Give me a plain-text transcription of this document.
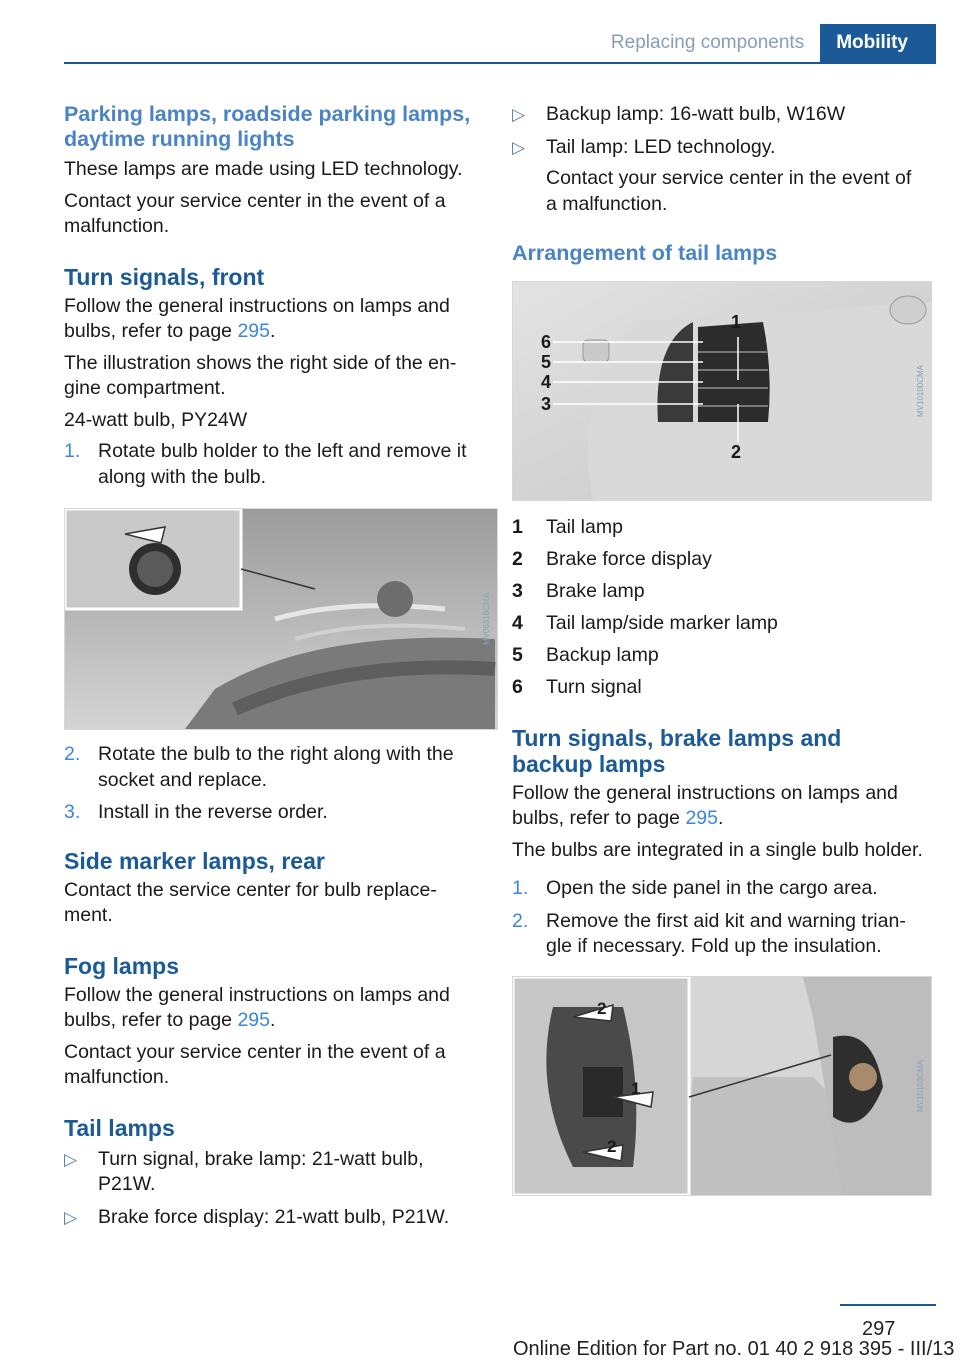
Replacing components	Mobility
Parking lamps, roadside parking lamps, daytime running lights

These lamps are made using LED technology.

Contact your service center in the event of a malfunction.

Turn signals, front

Follow the general instructions on lamps and bulbs, refer to page 295.

The illustration shows the right side of the en‐gine compartment.

24-watt bulb, PY24W

1. Rotate bulb holder to the left and remove it along with the bulb.
MV06316CMA
2. Rotate the bulb to the right along with the socket and replace.
3. Install in the reverse order.
Side marker lamps, rear

Contact the service center for bulb replace‐ment.

Fog lamps

Follow the general instructions on lamps and bulbs, refer to page 295.

Contact your service center in the event of a malfunction.

Tail lamps
▷	Turn signal, brake lamp: 21-watt bulb, P21W.
▷	Brake force display: 21-watt bulb, P21W.
▷	Backup lamp: 16-watt bulb, W16W
▷	Tail lamp: LED technology.

Contact your service center in the event of a malfunction.

Arrangement of tail lamps
6
5
4
3
1
2
MV10100CMA
1	Tail lamp
2	Brake force display
3	Brake lamp
4	Tail lamp/side marker lamp
5	Backup lamp
6	Turn signal
Turn signals, brake lamps and backup lamps

Follow the general instructions on lamps and bulbs, refer to page 295.

The bulbs are integrated in a single bulb holder.

1. Open the side panel in the cargo area.
2. Remove the first aid kit and warning trian‐gle if necessary. Fold up the insulation.
2
1
2
MV10103CMA
297
Online Edition for Part no. 01 40 2 918 395 - III/13
